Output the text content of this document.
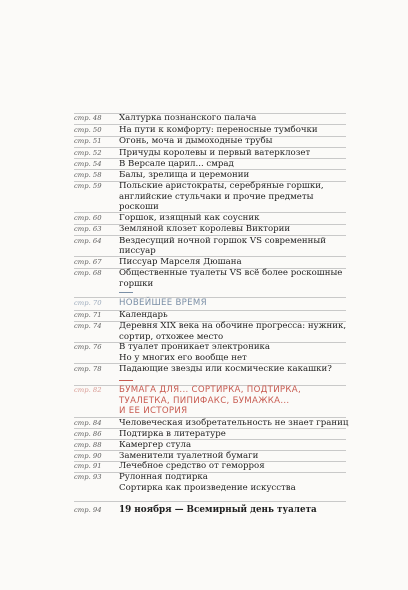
стр. 48 Халтурка познанского палача
стр. 50 На пути к комфорту: переносные тумбочки
стр. 51 Огонь, моча и дымоходные трубы
стр. 52 Причуды королевы и первый ватерклозет
стр. 54 В Версале царил... смрад
стр. 58 Балы, зрелища и церемонии
стр. 59 Польские аристократы, серебряные горшки,
английские стульчаки и прочие предметы
роскоши
стр. 60 Горшок, изящный как соусник
стр. 63 Земляной клозет королевы Виктории
стр. 64 Вездесущий ночной горшок VS современный
писсуар
стр. 67 Писсуар Марселя Дюшана
стр. 68 Общественные туалеты VS всё более роскошные
горшки
стр. 70 НОВЕЙШЕЕ ВРЕМЯ
стр. 71 Календарь
стр. 74 Деревня XIX века на обочине прогресса: нужник,
сортир, отхожее место
стр. 76 В туалет проникает электроника
Но у многих его вообще нет
стр. 78 Падающие звезды или космические какашки?
стр. 82 БУМАГА ДЛЯ... СОРТИРКА, ПОДТИРКА,
ТУАЛЕТКА, ПИПИФАКС, БУМАЖКА...
И ЕЕ ИСТОРИЯ
стр. 84 Человеческая изобретательность не знает границ
стр. 86 Подтирка в литературе
стр. 88 Камергер стула
стр. 90 Заменители туалетной бумаги
стр. 91 Лечебное средство от геморроя
стр. 93 Рулонная подтирка
Сортирка как произведение искусства
стр. 94 19 ноября — Всемирный день туалета
